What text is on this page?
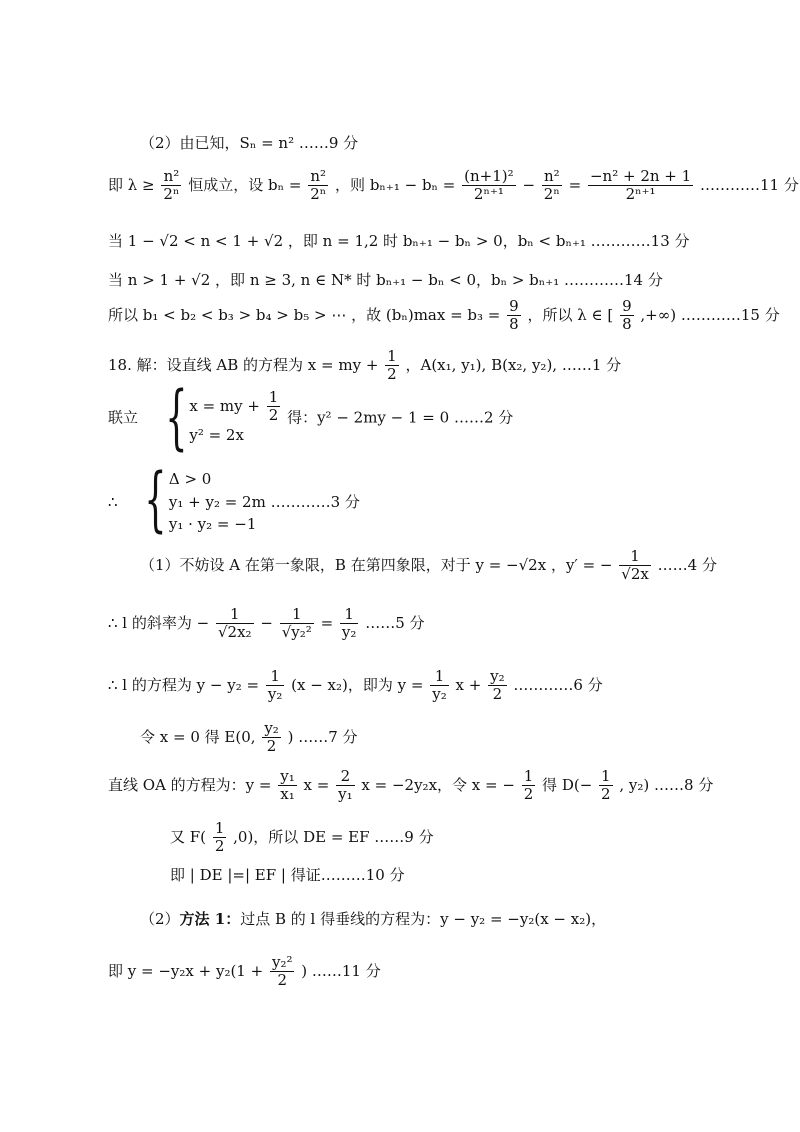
（2）由已知，Sₙ = n² ……9 分
即 $\lambda \ge \frac{\text{n²}}{\text{2ⁿ}}$ 恒成立，设 $b_n = \frac{\text{n²}}{\text{2ⁿ}}$ ，则 $b_{n+1} - b_n = \frac{\text{(n+1)²}}{\text{2ⁿ⁺¹}} - \frac{\text{n²}}{\text{2ⁿ}} = \frac{\text{−n² + 2n + 1}}{\text{2ⁿ⁺¹}}$ …………11 分
当 1 − √2 < n < 1 + √2 ，即 n = 1,2 时 bₙ₊₁ − bₙ > 0，bₙ < bₙ₊₁ …………13 分
当 n > 1 + √2 ，即 n ≥ 3, n ∈ N* 时 bₙ₊₁ − bₙ < 0，bₙ > bₙ₊₁ …………14 分
所以 b₁ < b₂ < b₃ > b₄ > b₅ > ⋯ ，故 $(b_n)\max = b_3 = \frac{9}{8}$ ，所以 λ ∈ [ $\frac{9}{8}$ ,+∞) …………15 分
18. 解：设直线 AB 的方程为 x = my + $\frac{1}{2}$ ，A(x₁, y₁), B(x₂, y₂), ……1 分
联立 { x = my + $\frac{1}{2}$
y² = 2x
得：y² − 2my − 1 = 0 ……2 分
∴ { Δ > 0
y₁ + y₂ = 2m …………3 分
y₁ · y₂ = −1
（1）不妨设 A 在第一象限，B 在第四象限，对于 y = −√2x ，y′ = − $\frac{1}{√2x}$ ……4 分
∴ l 的斜率为 − $\frac{1}{\text{√2x₂}} - \frac{1}{\text{√y₂²}} = \frac{1}{\text{y₂}}$ ……5 分
∴ l 的方程为 $y - y_2 = \frac{1}{\text{y₂}} (x - x_2)$，即为 $y = \frac{1}{\text{y₂}}$ $x + \frac{\text{y₂}}{2}$ …………6 分
令 x = 0 得 E(0, $\frac{\text{y₂}}{2}$ ) ……7 分
直线 OA 的方程为：$y = \frac{\text{y₁}}{\text{x₁}}$ $x = \frac{2}{\text{y₁}}$ x = −2y₂x，令 x = − $\frac{1}{2}$ 得 $D(- \frac{1}{2}$ , y₂) ……8 分
又 $F( \frac{1}{2} ,0)$，所以 DE = EF ……9 分
即 | DE |=| EF | 得证………10 分
（2）方法 1：过点 B 的 l 得垂线的方程为：y − y₂ = −y₂(x − x₂)，
即 $y = -y_2x + y_2(1 + \frac{\text{y₂²}}{2}$ ) ……11 分
